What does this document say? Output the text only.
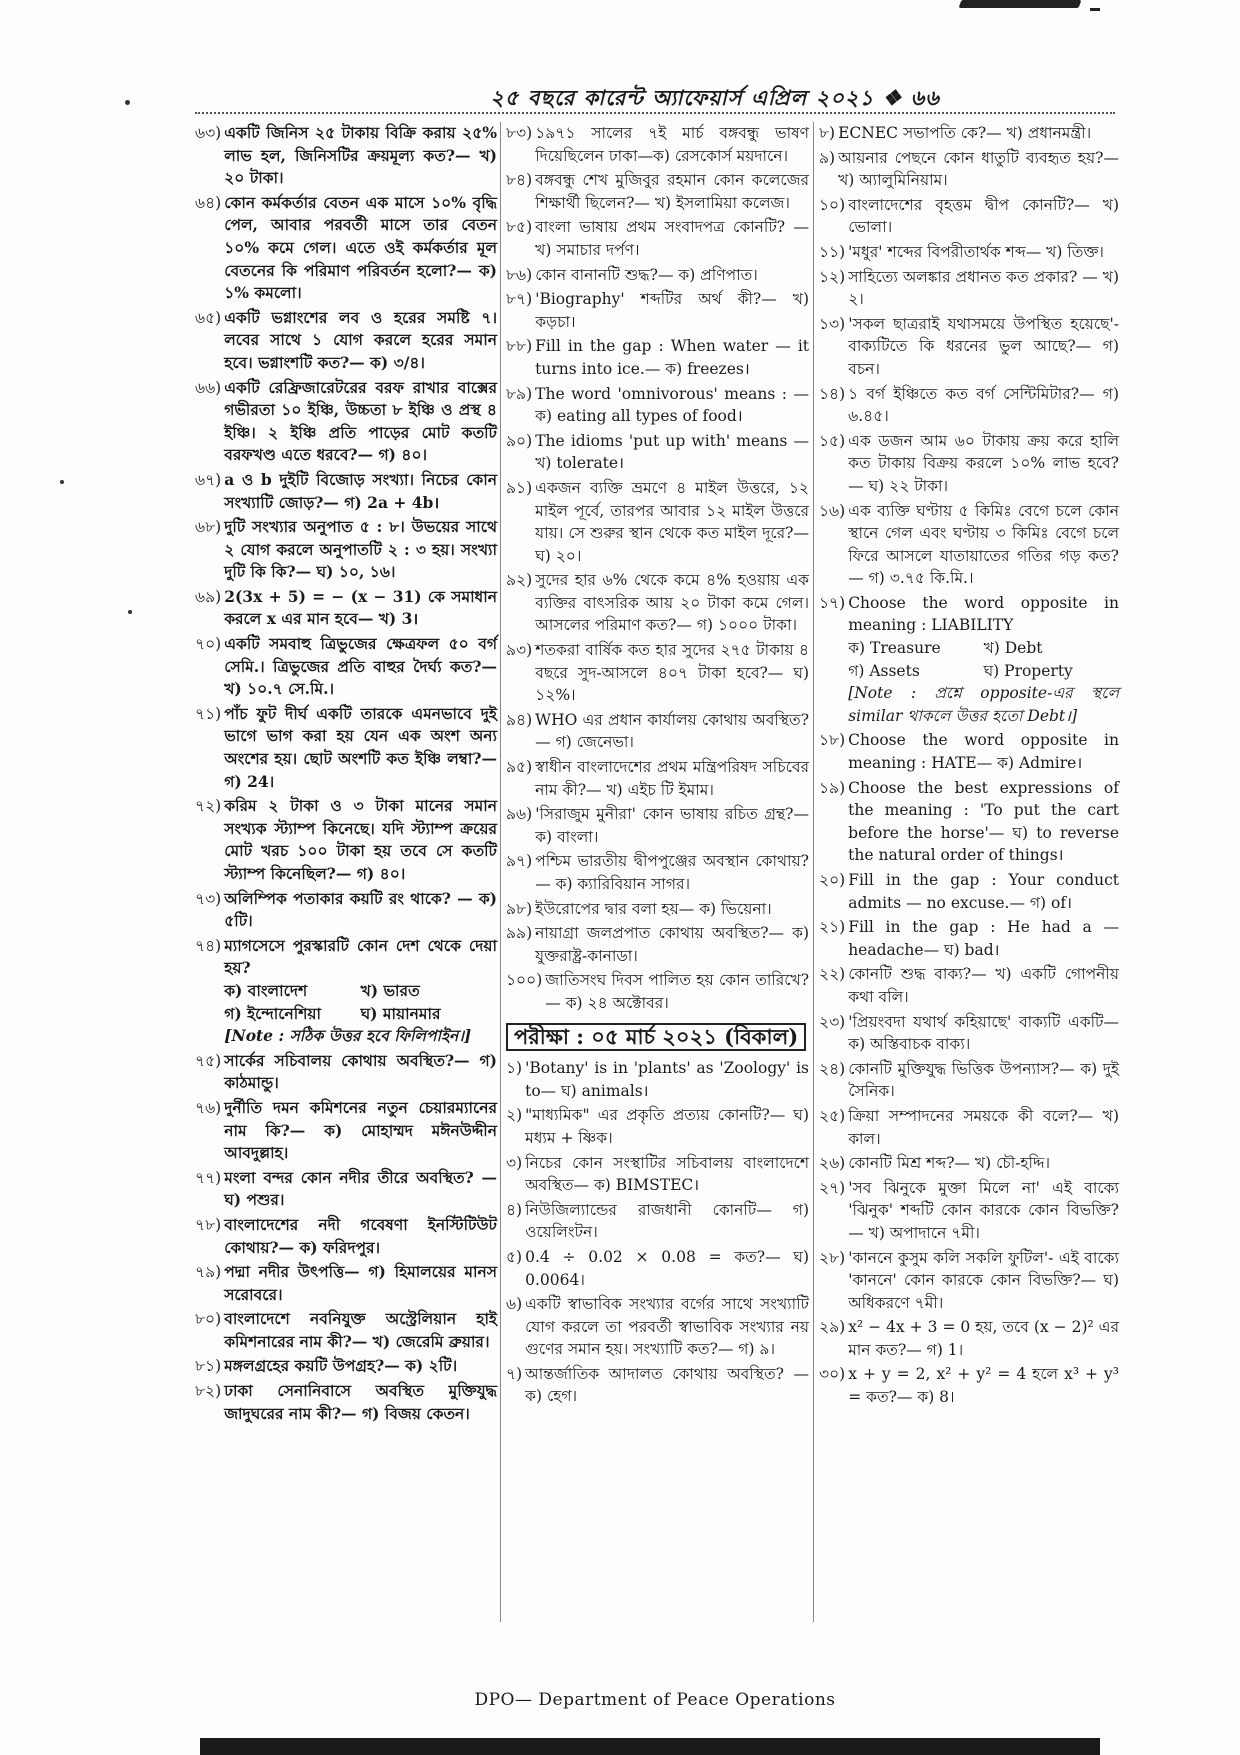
২৫ বছরে কারেন্ট অ্যাফেয়ার্স এপ্রিল ২০২১ ❖ ৬৬
৬৩) একটি জিনিস ২৫ টাকায় বিক্রি করায় ২৫% লাভ হল, জিনিসটির ক্রয়মূল্য কত?— খ) ২০ টাকা।
৬৪) কোন কর্মকর্তার বেতন এক মাসে ১০% বৃদ্ধি পেল, আবার পরবর্তী মাসে তার বেতন ১০% কমে গেল। এতে ওই কর্মকর্তার মূল বেতনের কি পরিমাণ পরিবর্তন হলো?— ক) ১% কমলো।
৬৫) একটি ভগ্নাংশের লব ও হরের সমষ্টি ৭। লবের সাথে ১ যোগ করলে হরের সমান হবে। ভগ্নাংশটি কত?— ক) ৩/৪।
৬৬) একটি রেফ্রিজারেটরের বরফ রাখার বাক্সের গভীরতা ১০ ইঞ্চি, উচ্চতা ৮ ইঞ্চি ও প্রস্থ ৪ ইঞ্চি। ২ ইঞ্চি প্রতি পাড়ের মোট কতটি বরফখণ্ড এতে ধরবে?— গ) ৪০।
৬৭) a ও b দুইটি বিজোড় সংখ্যা। নিচের কোন সংখ্যাটি জোড়?— গ) 2a + 4b।
৬৮) দুটি সংখ্যার অনুপাত ৫ : ৮। উভয়ের সাথে ২ যোগ করলে অনুপাতটি ২ : ৩ হয়। সংখ্যা দুটি কি কি?— ঘ) ১০, ১৬।
৬৯) 2(3x + 5) = − (x − 31) কে সমাধান করলে x এর মান হবে— খ) 3।
৭০) একটি সমবাহু ত্রিভুজের ক্ষেত্রফল ৫০ বর্গ সেমি.। ত্রিভুজের প্রতি বাহুর দৈর্ঘ্য কত?— খ) ১০.৭ সে.মি.।
৭১) পাঁচ ফুট দীর্ঘ একটি তারকে এমনভাবে দুই ভাগে ভাগ করা হয় যেন এক অংশ অন্য অংশের হয়। ছোট অংশটি কত ইঞ্চি লম্বা?— গ) 24।
৭২) করিম ২ টাকা ও ৩ টাকা মানের সমান সংখ্যক স্ট্যাম্প কিনেছে। যদি স্ট্যাম্প ক্রয়ের মোট খরচ ১০০ টাকা হয় তবে সে কতটি স্ট্যাম্প কিনেছিল?— গ) ৪০।
৭৩) অলিম্পিক পতাকার কয়টি রং থাকে? — ক) ৫টি।
৭৪) ম্যাগসেসে পুরস্কারটি কোন দেশ থেকে দেয়া হয়?
ক) বাংলাদেশ	খ) ভারত
গ) ইন্দোনেশিয়া	ঘ) মায়ানমার
[Note : সঠিক উত্তর হবে ফিলিপাইন।]
৭৫) সার্কের সচিবালয় কোথায় অবস্থিত?— গ) কাঠমান্ডু।
৭৬) দুর্নীতি দমন কমিশনের নতুন চেয়ারম্যানের নাম কি?— ক) মোহাম্মদ মঈনউদ্দীন আবদুল্লাহ।
৭৭) মংলা বন্দর কোন নদীর তীরে অবস্থিত? — ঘ) পশুর।
৭৮) বাংলাদেশের নদী গবেষণা ইনস্টিটিউট কোথায়?— ক) ফরিদপুর।
৭৯) পদ্মা নদীর উৎপত্তি— গ) হিমালয়ের মানস সরোবরে।
৮০) বাংলাদেশে নবনিযুক্ত অস্ট্রেলিয়ান হাই কমিশনারের নাম কী?— খ) জেরেমি ব্রুয়ার।
৮১) মঙ্গলগ্রহের কয়টি উপগ্রহ?— ক) ২টি।
৮২) ঢাকা সেনানিবাসে অবস্থিত মুক্তিযুদ্ধ জাদুঘরের নাম কী?— গ) বিজয় কেতন।
৮৩) ১৯৭১ সালের ৭ই মার্চ বঙ্গবন্ধু ভাষণ দিয়েছিলেন ঢাকা—ক) রেসকোর্স ময়দানে।
৮৪) বঙ্গবন্ধু শেখ মুজিবুর রহমান কোন কলেজের শিক্ষার্থী ছিলেন?— খ) ইসলামিয়া কলেজ।
৮৫) বাংলা ভাষায় প্রথম সংবাদপত্র কোনটি? — খ) সমাচার দর্পণ।
৮৬) কোন বানানটি শুদ্ধ?— ক) প্রণিপাত।
৮৭) 'Biography' শব্দটির অর্থ কী?— খ) কড়চা।
৮৮) Fill in the gap : When water — it turns into ice.— ক) freezes।
৮৯) The word 'omnivorous' means : — ক) eating all types of food।
৯০) The idioms 'put up with' means — খ) tolerate।
৯১) একজন ব্যক্তি ভ্রমণে ৪ মাইল উত্তরে, ১২ মাইল পূর্বে, তারপর আবার ১২ মাইল উত্তরে যায়। সে শুরুর স্থান থেকে কত মাইল দূরে?— ঘ) ২০।
৯২) সুদের হার ৬% থেকে কমে ৪% হওয়ায় এক ব্যক্তির বাৎসরিক আয় ২০ টাকা কমে গেল। আসলের পরিমাণ কত?— গ) ১০০০ টাকা।
৯৩) শতকরা বার্ষিক কত হার সুদের ২৭৫ টাকায় ৪ বছরে সুদ-আসলে ৪০৭ টাকা হবে?— ঘ) ১২%।
৯৪) WHO এর প্রধান কার্যালয় কোথায় অবস্থিত?— গ) জেনেভা।
৯৫) স্বাধীন বাংলাদেশের প্রথম মন্ত্রিপরিষদ সচিবের নাম কী?— খ) এইচ টি ইমাম।
৯৬) 'সিরাজুম মুনীরা' কোন ভাষায় রচিত গ্রন্থ?— ক) বাংলা।
৯৭) পশ্চিম ভারতীয় দ্বীপপুঞ্জের অবস্থান কোথায়?— ক) ক্যারিবিয়ান সাগর।
৯৮) ইউরোপের দ্বার বলা হয়— ক) ভিয়েনা।
৯৯) নায়াগ্রা জলপ্রপাত কোথায় অবস্থিত?— ক) যুক্তরাষ্ট্র-কানাডা।
১০০) জাতিসংঘ দিবস পালিত হয় কোন তারিখে?— ক) ২৪ অক্টোবর।
পরীক্ষা : ০৫ মার্চ ২০২১ (বিকাল)
১) 'Botany' is in 'plants' as 'Zoology' is to— ঘ) animals।
২) "মাধ্যমিক" এর প্রকৃতি প্রত্যয় কোনটি?— ঘ) মধ্যম + ষ্ণিক।
৩) নিচের কোন সংস্থাটির সচিবালয় বাংলাদেশে অবস্থিত— ক) BIMSTEC।
৪) নিউজিল্যান্ডের রাজধানী কোনটি— গ) ওয়েলিংটন।
৫) 0.4 ÷ 0.02 × 0.08 = কত?— ঘ) 0.0064।
৬) একটি স্বাভাবিক সংখ্যার বর্গের সাথে সংখ্যাটি যোগ করলে তা পরবর্তী স্বাভাবিক সংখ্যার নয় গুণের সমান হয়। সংখ্যাটি কত?— গ) ৯।
৭) আন্তর্জাতিক আদালত কোথায় অবস্থিত? — ক) হেগ।
৮) ECNEC সভাপতি কে?— খ) প্রধানমন্ত্রী।
৯) আয়নার পেছনে কোন ধাতুটি ব্যবহৃত হয়?— খ) অ্যালুমিনিয়াম।
১০) বাংলাদেশের বৃহত্তম দ্বীপ কোনটি?— খ) ভোলা।
১১) 'মধুর' শব্দের বিপরীতার্থক শব্দ— খ) তিক্ত।
১২) সাহিত্যে অলঙ্কার প্রধানত কত প্রকার? — খ) ২।
১৩) 'সকল ছাত্ররাই যথাসময়ে উপস্থিত হয়েছে'-বাক্যটিতে কি ধরনের ভুল আছে?— গ) বচন।
১৪) ১ বর্গ ইঞ্চিতে কত বর্গ সেন্টিমিটার?— গ) ৬.৪৫।
১৫) এক ডজন আম ৬০ টাকায় ক্রয় করে হালি কত টাকায় বিক্রয় করলে ১০% লাভ হবে?— ঘ) ২২ টাকা।
১৬) এক ব্যক্তি ঘণ্টায় ৫ কিমিঃ বেগে চলে কোন স্থানে গেল এবং ঘণ্টায় ৩ কিমিঃ বেগে চলে ফিরে আসলে যাতায়াতের গতির গড় কত?— গ) ৩.৭৫ কি.মি.।
১৭) Choose the word opposite in meaning : LIABILITY
ক) Treasure	খ) Debt
গ) Assets	ঘ) Property
[Note : প্রশ্নে opposite-এর স্থলে similar থাকলে উত্তর হতো Debt।]
১৮) Choose the word opposite in meaning : HATE— ক) Admire।
১৯) Choose the best expressions of the meaning : 'To put the cart before the horse'— ঘ) to reverse the natural order of things।
২০) Fill in the gap : Your conduct admits — no excuse.— গ) of।
২১) Fill in the gap : He had a — headache— ঘ) bad।
২২) কোনটি শুদ্ধ বাক্য?— খ) একটি গোপনীয় কথা বলি।
২৩) 'প্রিয়ংবদা যথার্থ কহিয়াছে' বাক্যটি একটি— ক) অস্তিবাচক বাক্য।
২৪) কোনটি মুক্তিযুদ্ধ ভিত্তিক উপন্যাস?— ক) দুই সৈনিক।
২৫) ক্রিয়া সম্পাদনের সময়কে কী বলে?— খ) কাল।
২৬) কোনটি মিশ্র শব্দ?— খ) চৌ-হদ্দি।
২৭) 'সব ঝিনুকে মুক্তা মিলে না' এই বাক্যে 'ঝিনুক' শব্দটি কোন কারকে কোন বিভক্তি?— খ) অপাদানে ৭মী।
২৮) 'কাননে কুসুম কলি সকলি ফুটিল'- এই বাক্যে 'কাননে' কোন কারকে কোন বিভক্তি?— ঘ) অধিকরণে ৭মী।
২৯) x² − 4x + 3 = 0 হয়, তবে (x − 2)² এর মান কত?— গ) 1।
৩০) x + y = 2, x² + y² = 4 হলে x³ + y³ = কত?— ক) 8।
DPO— Department of Peace Operations
